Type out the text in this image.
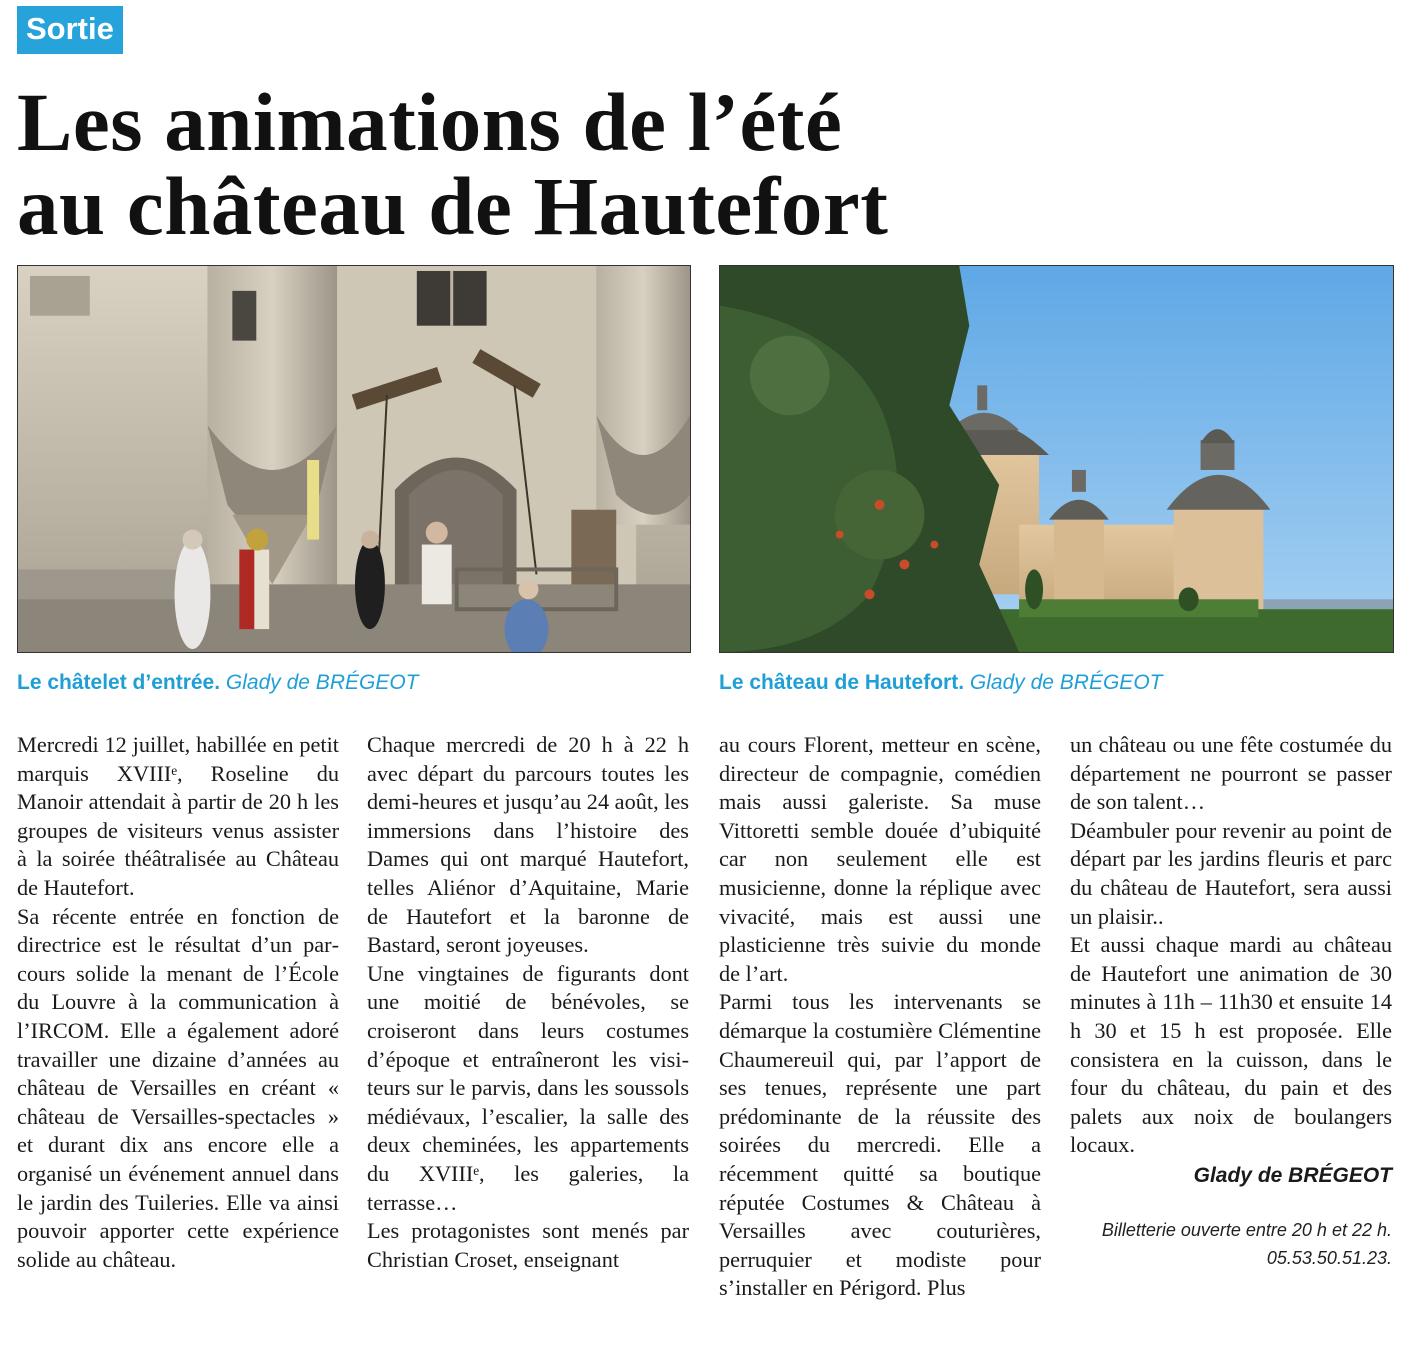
Sortie
Les animations de l’été
au château de Hautefort
Le châtelet d’entrée. Glady de BRÉGEOT	Le château de Hautefort. Glady de BRÉGEOT

Mercredi 12 juillet, habillée en petit marquis XVIIIᵉ, Roseline du Manoir attendait à partir de 20 h les groupes de visiteurs venus assister à la soirée théâtralisée au Château de Hautefort.

Sa récente entrée en fonction de directrice est le résultat d’un parcours solide la menant de l’École du Louvre à la communication à l’IRCOM. Elle a également adoré travailler une dizaine d’années au château de Versailles en créant « château de Versailles-spectacles » et durant dix ans encore elle a organisé un événement annuel dans le jardin des Tuileries. Elle va ainsi pouvoir apporter cette expérience solide au château.

Chaque mercredi de 20 h à 22 h avec départ du parcours toutes les demi-heures et jusqu’au 24 août, les immersions dans l’histoire des Dames qui ont marqué Hautefort, telles Aliénor d’Aquitaine, Marie de Hautefort et la baronne de Bastard, seront joyeuses.

Une vingtaines de figurants dont une moitié de bénévoles, se croiseront dans leurs costumes d’époque et entraîneront les visiteurs sur le parvis, dans les soussols médiévaux, l’escalier, la salle des deux cheminées, les appartements du XVIIIᵉ, les galeries, la terrasse…

Les protagonistes sont menés par Christian Croset, enseignant

au cours Florent, metteur en scène, directeur de compagnie, comédien mais aussi galeriste. Sa muse Vittoretti semble douée d’ubiquité car non seulement elle est musicienne, donne la réplique avec vivacité, mais est aussi une plasticienne très suivie du monde de l’art.

Parmi tous les intervenants se démarque la costumière Clémentine Chaumereuil qui, par l’apport de ses tenues, représente une part prédominante de la réussite des soirées du mercredi. Elle a récemment quitté sa boutique réputée Costumes & Château à Versailles avec couturières, perruquier et modiste pour s’installer en Périgord. Plus

un château ou une fête costumée du département ne pourront se passer de son talent…

Déambuler pour revenir au point de départ par les jardins fleuris et parc du château de Hautefort, sera aussi un plaisir..

Et aussi chaque mardi au château de Hautefort une animation de 30 minutes à 11h – 11h30 et ensuite 14 h 30 et 15 h est proposée. Elle consistera en la cuisson, dans le four du château, du pain et des palets aux noix de boulangers locaux.

Glady de BRÉGEOT
Billetterie ouverte entre 20 h et 22 h.
05.53.50.51.23.
